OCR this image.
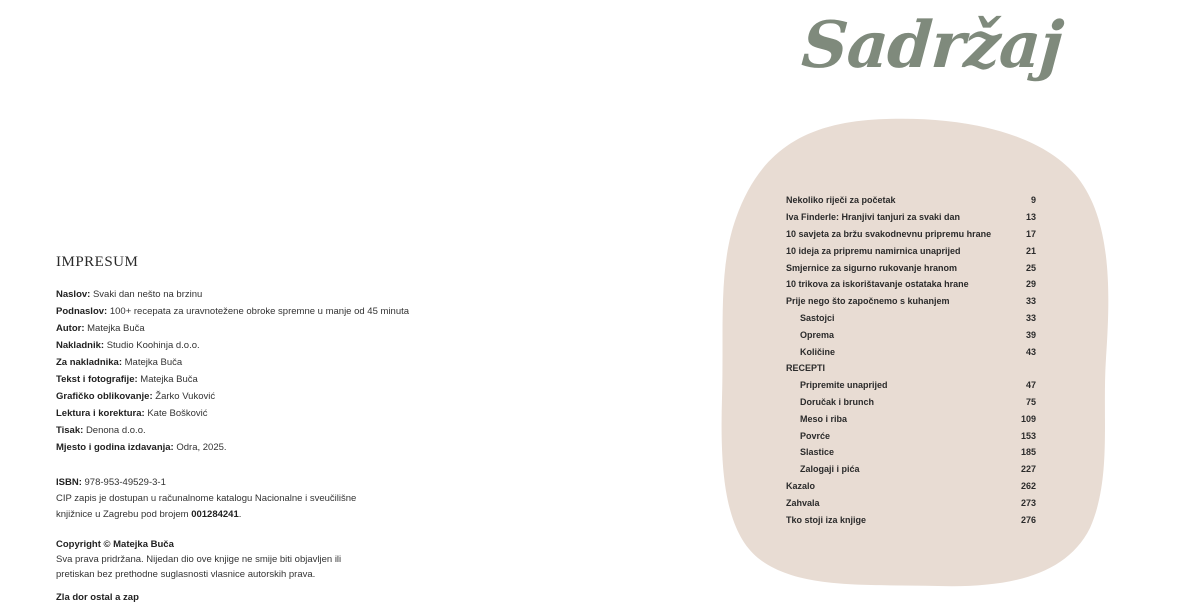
IMPRESUM
Naslov: Svaki dan nešto na brzinu
Podnaslov: 100+ recepata za uravnotežene obroke spremne u manje od 45 minuta
Autor: Matejka Buča
Nakladnik: Studio Koohinja d.o.o.
Za nakladnika: Matejka Buča
Tekst i fotografije: Matejka Buča
Grafičko oblikovanje: Žarko Vuković
Lektura i korektura: Kate Bošković
Tisak: Denona d.o.o.
Mjesto i godina izdavanja: Odra, 2025.
ISBN: 978-953-49529-3-1
CIP zapis je dostupan u računalnome katalogu Nacionalne i sveučilišne
knjižnice u Zagrebu pod brojem 001284241.
Copyright © Matejka Buča
Sva prava pridržana. Nijedan dio ove knjige ne smije biti objavljen ili
pretiskan bez prethodne suglasnosti vlasnice autorskih prava.
Zla dor ostal a zap
Sadržaj
Nekoliko riječi za početak	9
Iva Finderle: Hranjivi tanjuri za svaki dan	13
10 savjeta za bržu svakodnevnu pripremu hrane	17
10 ideja za pripremu namirnica unaprijed	21
Smjernice za sigurno rukovanje hranom	25
10 trikova za iskorištavanje ostataka hrane	29
Prije nego što započnemo s kuhanjem	33
Sastojci	33
Oprema	39
Količine	43
RECEPTI
Pripremite unaprijed	47
Doručak i brunch	75
Meso i riba	109
Povrće	153
Slastice	185
Zalogaji i pića	227
Kazalo	262
Zahvala	273
Tko stoji iza knjige	276
